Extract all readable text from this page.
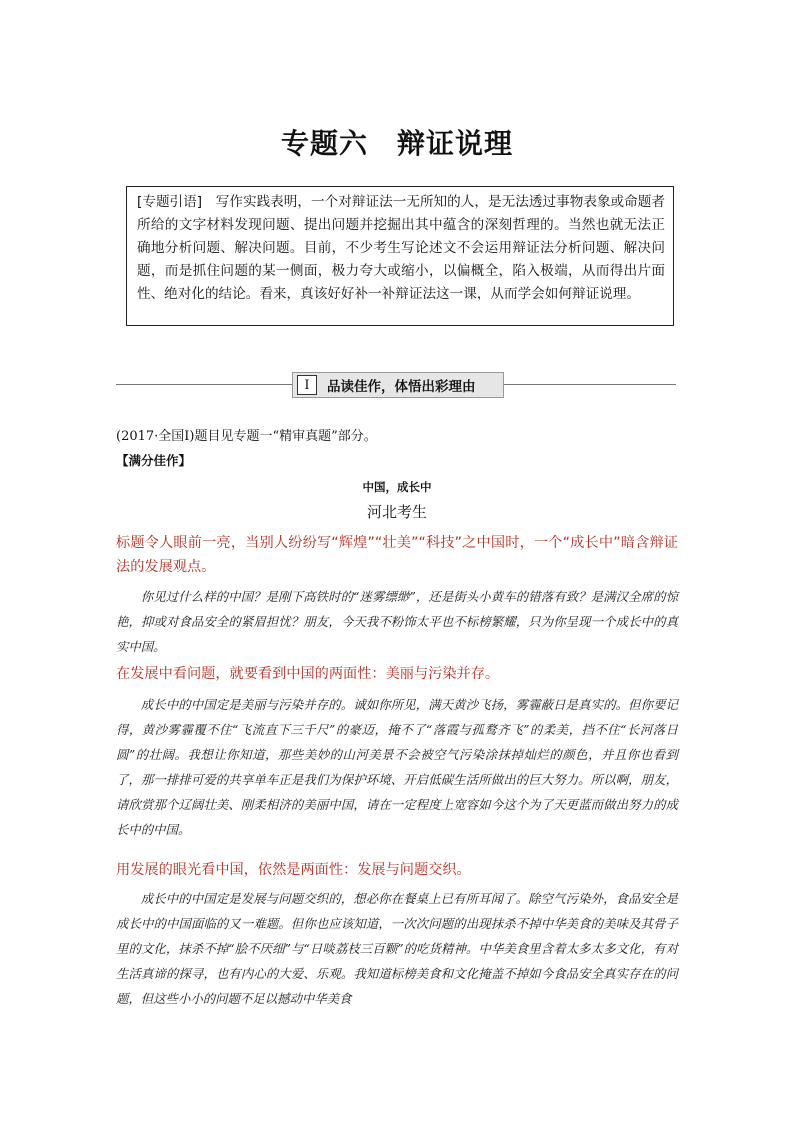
专题六　辩证说理

[专题引语]　写作实践表明，一个对辩证法一无所知的人，是无法透过事物表象或命题者所给的文字材料发现问题、提出问题并挖掘出其中蕴含的深刻哲理的。当然也就无法正确地分析问题、解决问题。目前，不少考生写论述文不会运用辩证法分析问题、解决问题，而是抓住问题的某一侧面，极力夸大或缩小，以偏概全，陷入极端，从而得出片面性、绝对化的结论。看来，真该好好补一补辩证法这一课，从而学会如何辩证说理。

Ⅰ	品读佳作，体悟出彩理由
(2017·全国Ⅰ)题目见专题一“精审真题”部分。
【满分佳作】
中国，成长中
河北考生

标题令人眼前一亮，当别人纷纷写“辉煌”“壮美”“科技”之中国时，一个“成长中”暗含辩证法的发展观点。

你见过什么样的中国？是刚下高铁时的“迷雾缥缈”，还是街头小黄车的错落有致？是满汉全席的惊艳，抑或对食品安全的紧眉担忧？朋友，今天我不粉饰太平也不标榜繁耀，只为你呈现一个成长中的真实中国。

在发展中看问题，就要看到中国的两面性：美丽与污染并存。

成长中的中国定是美丽与污染并存的。诚如你所见，满天黄沙飞扬，雾霾蔽日是真实的。但你要记得，黄沙雾霾覆不住“飞流直下三千尺”的豪迈，掩不了“落霞与孤鹜齐飞”的柔美，挡不住“长河落日圆”的壮阔。我想让你知道，那些美妙的山河美景不会被空气污染涂抹掉灿烂的颜色，并且你也看到了，那一排排可爱的共享单车正是我们为保护环境、开启低碳生活所做出的巨大努力。所以啊，朋友，请欣赏那个辽阔壮美、刚柔相济的美丽中国，请在一定程度上宽容如今这个为了天更蓝而做出努力的成长中的中国。

用发展的眼光看中国，依然是两面性：发展与问题交织。

成长中的中国定是发展与问题交织的，想必你在餐桌上已有所耳闻了。除空气污染外，食品安全是成长中的中国面临的又一难题。但你也应该知道，一次次问题的出现抹杀不掉中华美食的美味及其骨子里的文化，抹杀不掉“脍不厌细”与“日啖荔枝三百颗”的吃货精神。中华美食里含着太多太多文化，有对生活真谛的探寻，也有内心的大爱、乐观。我知道标榜美食和文化掩盖不掉如今食品安全真实存在的问题，但这些小小的问题不足以撼动中华美食
